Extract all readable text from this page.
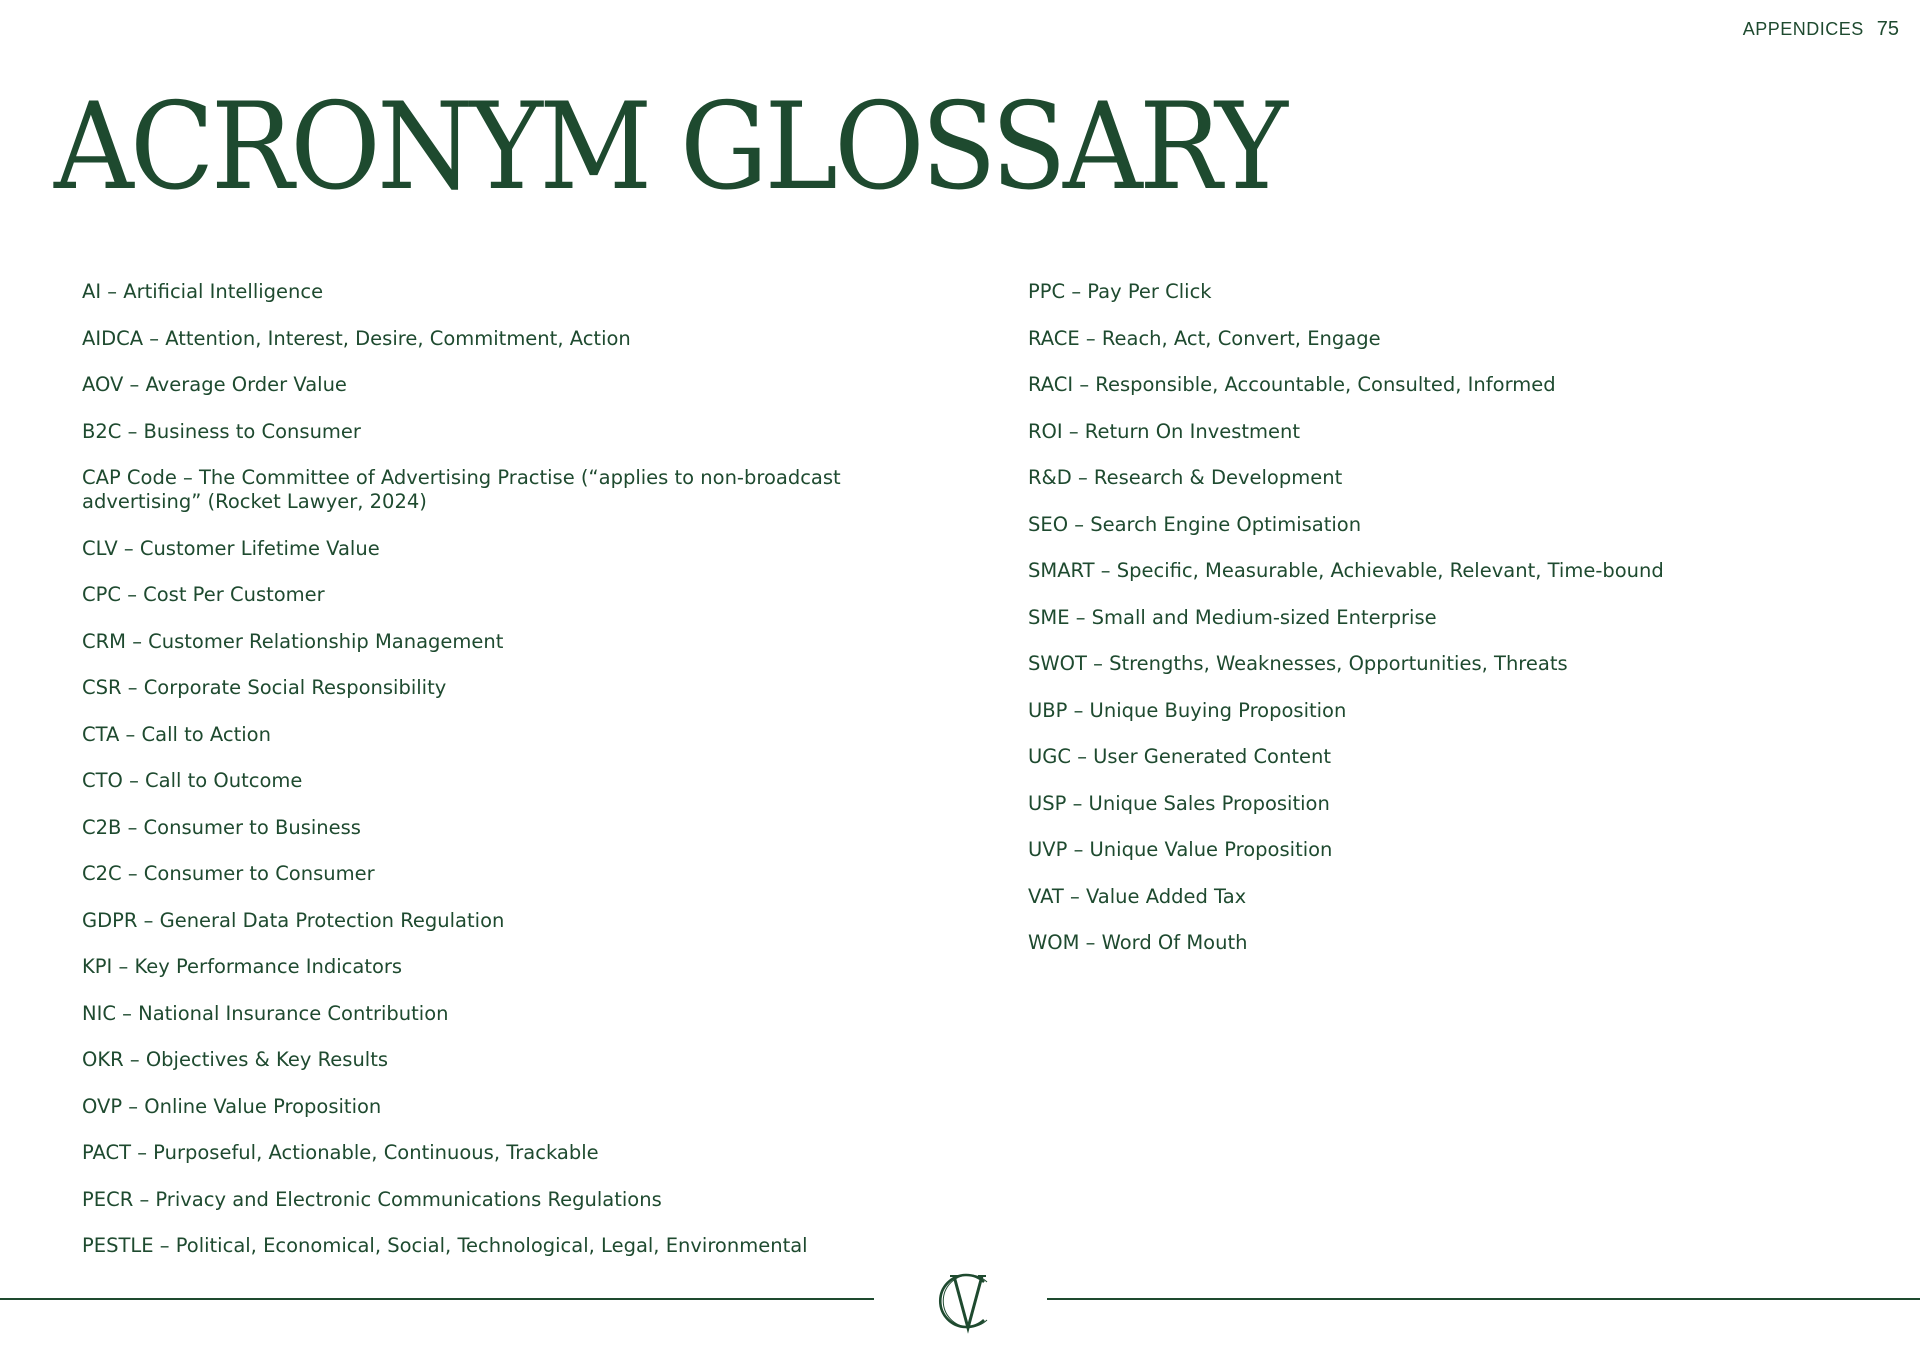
APPENDICES 75
ACRONYM GLOSSARY
AI – Artificial Intelligence
AIDCA – Attention, Interest, Desire, Commitment, Action
AOV – Average Order Value
B2C – Business to Consumer
CAP Code – The Committee of Advertising Practise (“applies to non-broadcast advertising” (Rocket Lawyer, 2024)
CLV – Customer Lifetime Value
CPC – Cost Per Customer
CRM – Customer Relationship Management
CSR – Corporate Social Responsibility
CTA – Call to Action
CTO – Call to Outcome
C2B – Consumer to Business
C2C – Consumer to Consumer
GDPR – General Data Protection Regulation
KPI – Key Performance Indicators
NIC – National Insurance Contribution
OKR – Objectives & Key Results
OVP – Online Value Proposition
PACT – Purposeful, Actionable, Continuous, Trackable
PECR – Privacy and Electronic Communications Regulations
PESTLE – Political, Economical, Social, Technological, Legal, Environmental
PPC – Pay Per Click
RACE – Reach, Act, Convert, Engage
RACI – Responsible, Accountable, Consulted, Informed
ROI – Return On Investment
R&D – Research & Development
SEO – Search Engine Optimisation
SMART – Specific, Measurable, Achievable, Relevant, Time-bound
SME – Small and Medium-sized Enterprise
SWOT – Strengths, Weaknesses, Opportunities, Threats
UBP – Unique Buying Proposition
UGC – User Generated Content
USP – Unique Sales Proposition
UVP – Unique Value Proposition
VAT – Value Added Tax
WOM – Word Of Mouth
